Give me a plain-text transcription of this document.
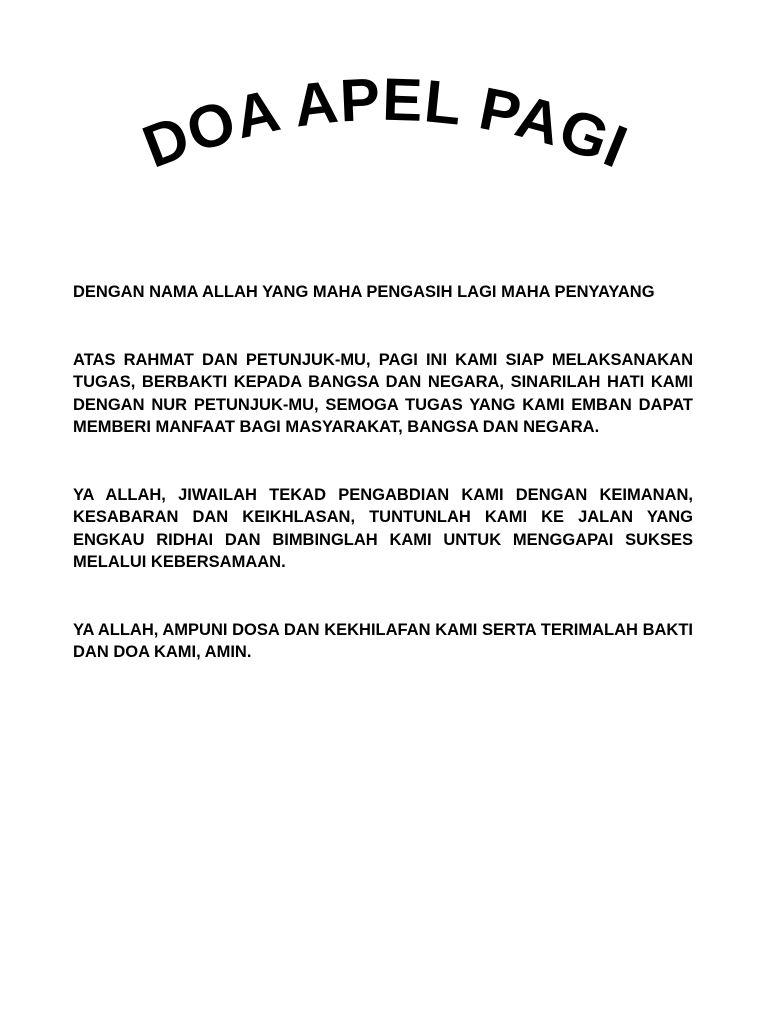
DOA APEL PAGI

DENGAN NAMA ALLAH YANG MAHA PENGASIH LAGI MAHA PENYAYANG

ATAS RAHMAT DAN PETUNJUK-MU, PAGI INI KAMI SIAP MELAKSANAKAN TUGAS, BERBAKTI KEPADA BANGSA DAN NEGARA, SINARILAH HATI KAMI DENGAN NUR PETUNJUK-MU, SEMOGA TUGAS YANG KAMI EMBAN DAPAT MEMBERI MANFAAT BAGI MASYARAKAT, BANGSA DAN NEGARA.

YA ALLAH, JIWAILAH TEKAD PENGABDIAN KAMI DENGAN KEIMANAN, KESABARAN DAN KEIKHLASAN, TUNTUNLAH KAMI KE JALAN YANG ENGKAU RIDHAI DAN BIMBINGLAH KAMI UNTUK MENGGAPAI SUKSES MELALUI KEBERSAMAAN.

YA ALLAH, AMPUNI DOSA DAN KEKHILAFAN KAMI SERTA TERIMALAH BAKTI DAN DOA KAMI, AMIN.
